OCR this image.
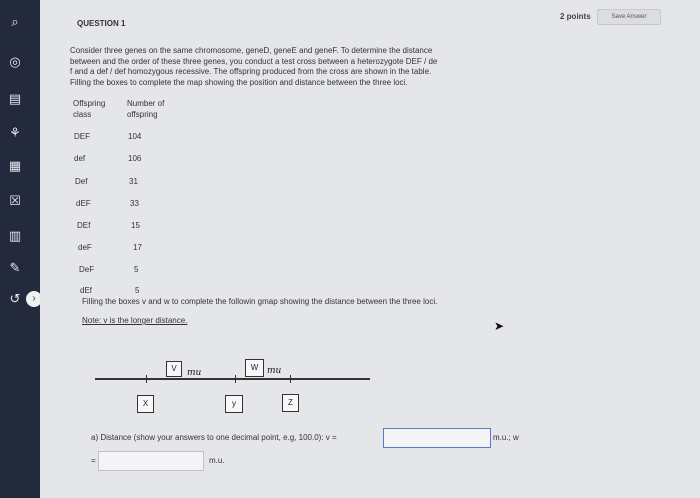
⌕
◎
▤
⚘
▦
☒
▥
✎
↺	›
2 points	Save Answer
QUESTION 1
Consider three genes on the same chromosome, geneD, geneE and geneF. To determine the distance
between and the order of these three genes, you conduct a test cross between a heterozygote DEF / de
f and a def / def homozygous recessive. The offspring produced from the cross are shown in the table.
Filling the boxes to complete the map showing the position and distance between the three loci.
Offspring
class
Number of
offspring
DEF	104
def	106
Def	31
dEF	33
DEf	15
deF	17
DeF	5
dEf	5
Filling the boxes v and w to complete the followin gmap showing the distance between the three loci.
Note: v is the longer distance.	➤
V	mu
W mu
X	y	Z
a) Distance (show your answers to one decimal point, e.g, 100.0): v =	m.u.; w
=	m.u.
